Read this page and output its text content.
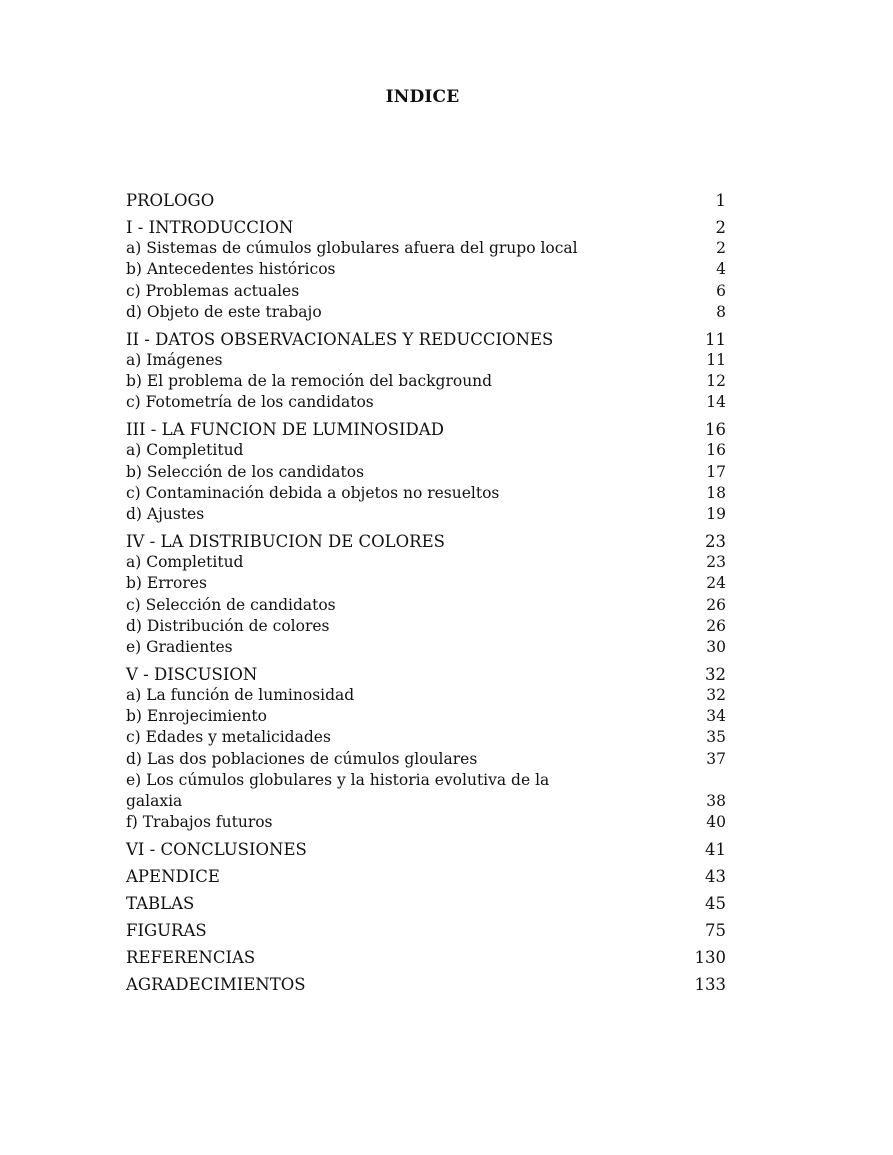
INDICE
PROLOGO	1
I - INTRODUCCION	2
a) Sistemas de cúmulos globulares afuera del grupo local	2
b) Antecedentes históricos	4
c) Problemas actuales	6
d) Objeto de este trabajo	8
II - DATOS OBSERVACIONALES Y REDUCCIONES	11
a) Imágenes	11
b) El problema de la remoción del background	12
c) Fotometría de los candidatos	14
III - LA FUNCION DE LUMINOSIDAD	16
a) Completitud	16
b) Selección de los candidatos	17
c) Contaminación debida a objetos no resueltos	18
d) Ajustes	19
IV - LA DISTRIBUCION DE COLORES	23
a) Completitud	23
b) Errores	24
c) Selección de candidatos	26
d) Distribución de colores	26
e) Gradientes	30
V - DISCUSION	32
a) La función de luminosidad	32
b) Enrojecimiento	34
c) Edades y metalicidades	35
d) Las dos poblaciones de cúmulos gloulares	37
e) Los cúmulos globulares y la historia evolutiva de la galaxia	38
f) Trabajos futuros	40
VI - CONCLUSIONES	41
APENDICE	43
TABLAS	45
FIGURAS	75
REFERENCIAS	130
AGRADECIMIENTOS	133
